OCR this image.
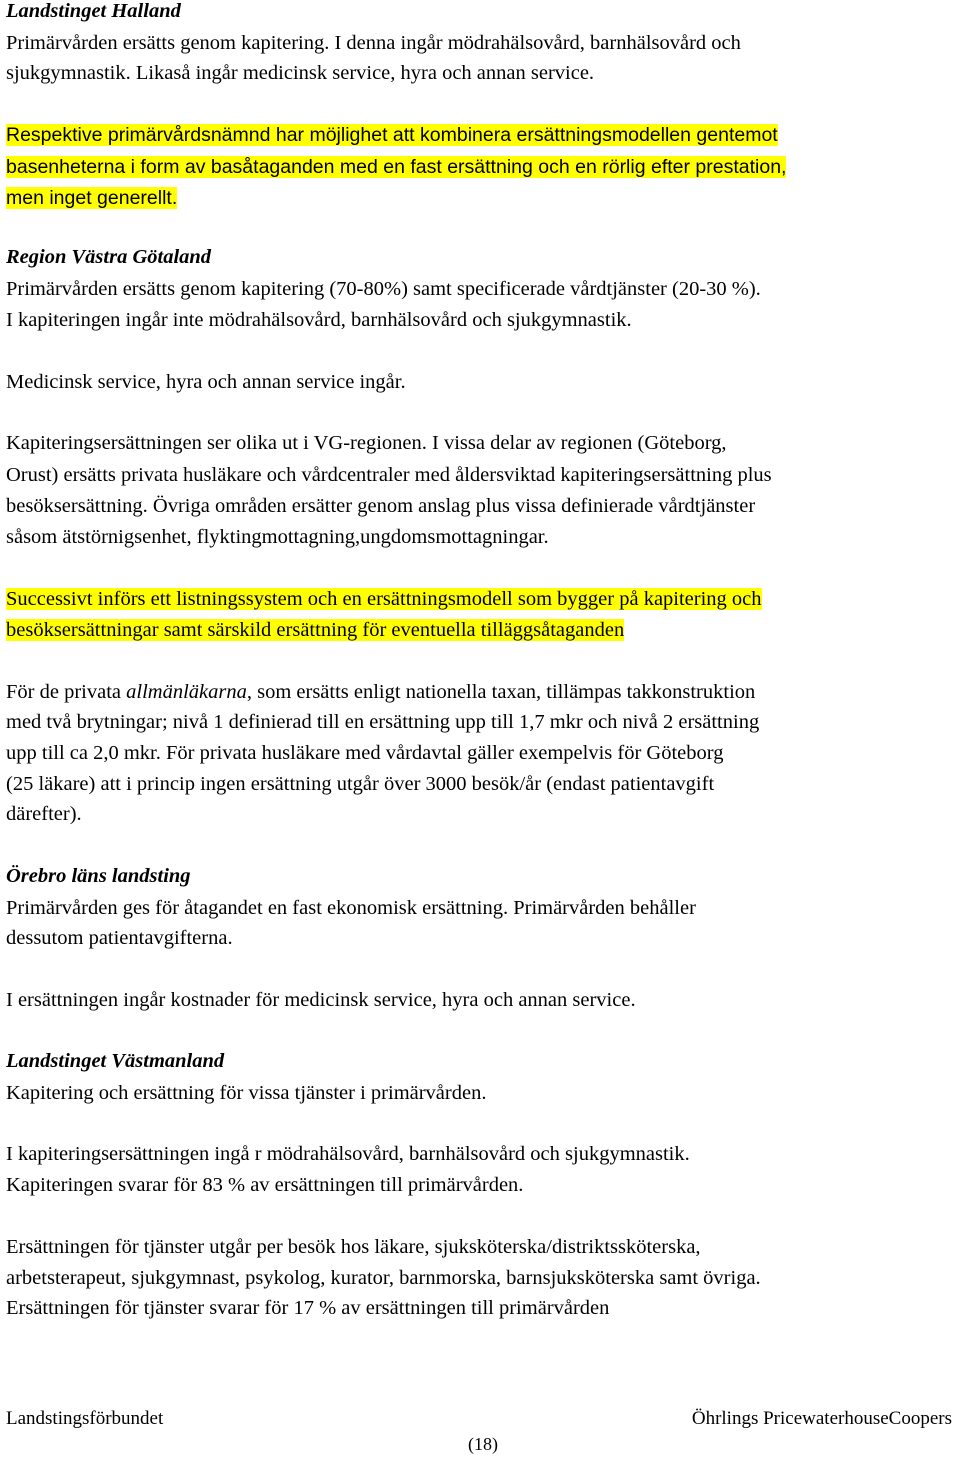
Landstinget Halland
Primärvården ersätts genom kapitering. I denna ingår mödrahälsovård, barnhälsovård och
sjukgymnastik. Likaså ingår medicinsk service, hyra och annan service.
Respektive primärvårdsnämnd har möjlighet att kombinera ersättningsmodellen gentemot
basenheterna i form av basåtaganden med en fast ersättning och en rörlig efter prestation,
men inget generellt.
Region Västra Götaland
Primärvården ersätts genom kapitering (70-80%) samt specificerade vårdtjänster (20-30 %).
I kapiteringen ingår inte mödrahälsovård, barnhälsovård och sjukgymnastik.
Medicinsk service, hyra och annan service ingår.
Kapiteringsersättningen ser olika ut i VG-regionen. I vissa delar av regionen (Göteborg,
Orust) ersätts privata husläkare och vårdcentraler med åldersviktad kapiteringsersättning plus
besöksersättning. Övriga områden ersätter genom anslag plus vissa definierade vårdtjänster
såsom ätstörnigsenhet, flyktingmottagning,ungdomsmottagningar.
Successivt införs ett listningssystem och en ersättningsmodell som bygger på kapitering och
besöksersättningar samt särskild ersättning för eventuella tilläggsåtaganden
För de privata allmänläkarna, som ersätts enligt nationella taxan, tillämpas takkonstruktion
med två brytningar; nivå 1 definierad till en ersättning upp till 1,7 mkr och nivå 2 ersättning
upp till ca 2,0 mkr. För privata husläkare med vårdavtal gäller exempelvis för Göteborg
(25 läkare) att i princip ingen ersättning utgår över 3000 besök/år (endast patientavgift
därefter).
Örebro läns landsting
Primärvården ges för åtagandet en fast ekonomisk ersättning. Primärvården behåller
dessutom patientavgifterna.
I ersättningen ingår kostnader för medicinsk service, hyra och annan service.
Landstinget Västmanland
Kapitering och ersättning för vissa tjänster i primärvården.
I kapiteringsersättningen ingå r mödrahälsovård, barnhälsovård och sjukgymnastik.
Kapiteringen svarar för 83 % av ersättningen till primärvården.
Ersättningen för tjänster utgår per besök hos läkare, sjuksköterska/distriktssköterska,
arbetsterapeut, sjukgymnast, psykolog, kurator, barnmorska, barnsjuksköterska samt övriga.
Ersättningen för tjänster svarar för 17 % av ersättningen till primärvården
Landstingsförbundet	Öhrlings PricewaterhouseCoopers
(18)
